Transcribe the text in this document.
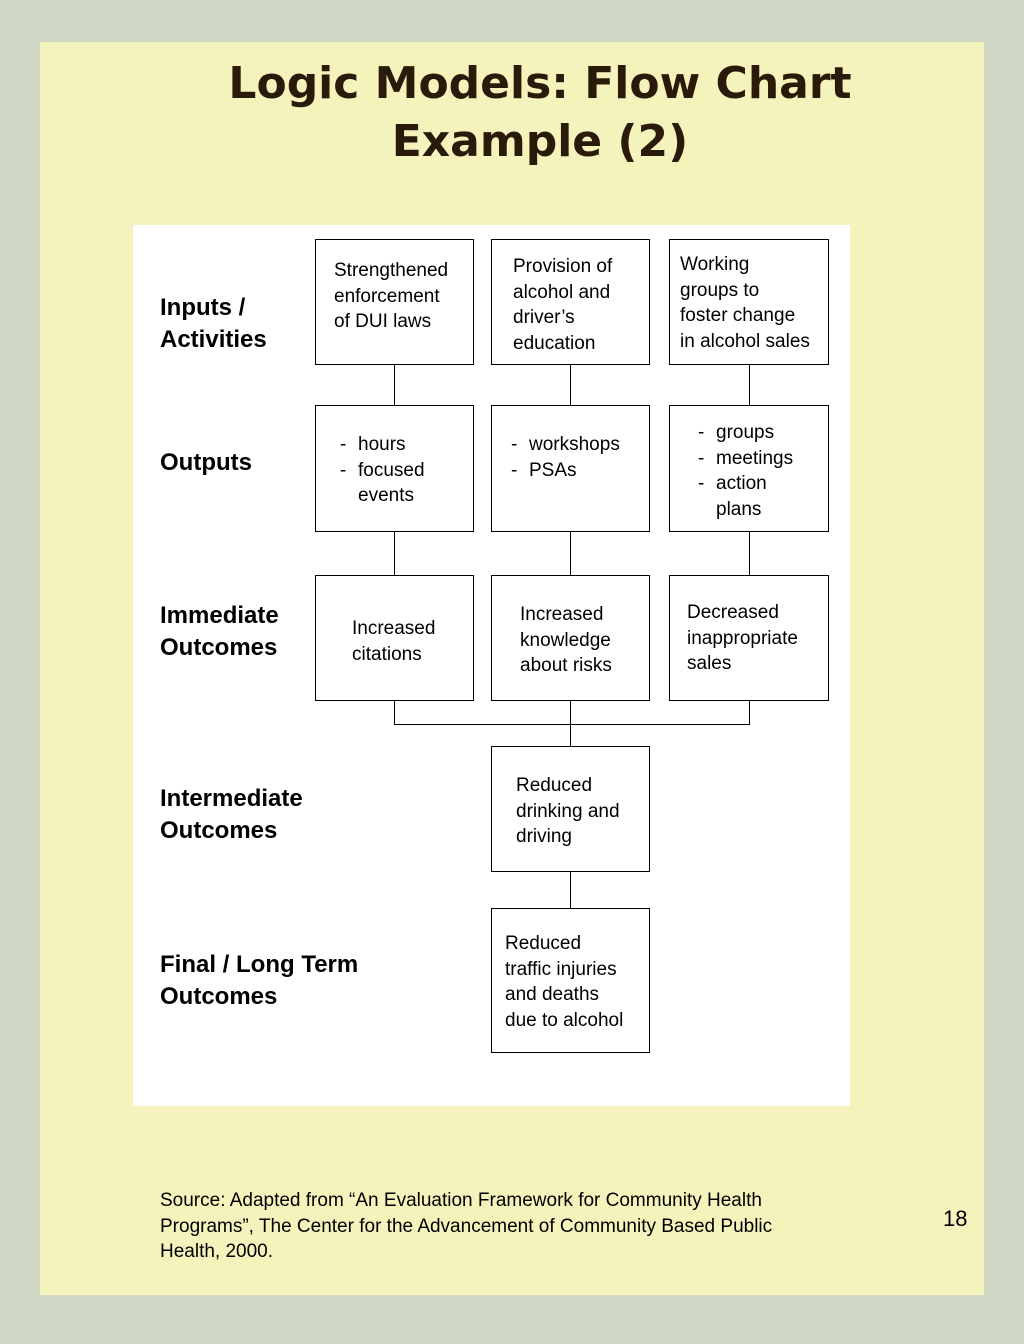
Logic Models: Flow Chart
Example (2)
Inputs /
Activities
Outputs
Immediate
Outcomes
Intermediate
Outcomes
Final / Long Term
Outcomes
Strengthened
enforcement
of DUI laws
Provision of
alcohol and
driver’s
education
Working
groups to
foster change
in alcohol sales
- hours
- focused events
- workshops
- PSAs
- groups
- meetings
- action plans
Increased
citations
Increased
knowledge
about risks
Decreased
inappropriate
sales
Reduced
drinking and
driving
Reduced
traffic injuries
and deaths
due to alcohol
Source: Adapted from “An Evaluation Framework for Community Health
Programs”, The Center for the Advancement of Community Based Public
Health, 2000.
18
